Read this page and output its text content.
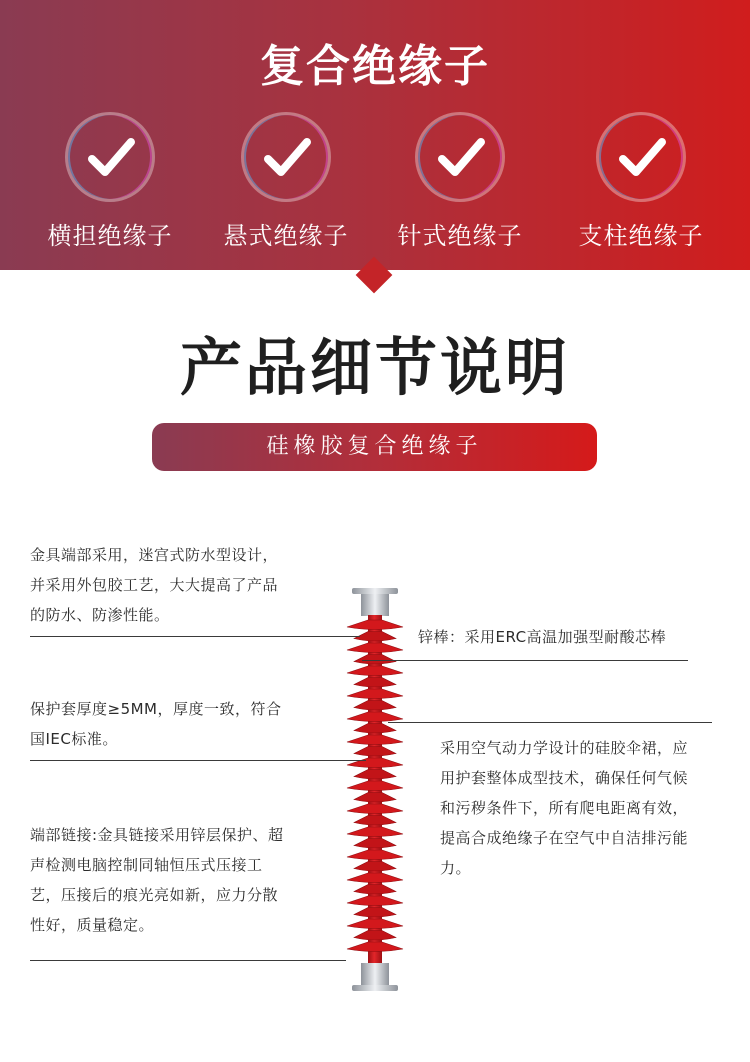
复合绝缘子
横担绝缘子	悬式绝缘子	针式绝缘子	支柱绝缘子
产品细节说明
硅橡胶复合绝缘子
金具端部采用，迷宫式防水型设计，
并采用外包胶工艺，大大提高了产品
的防水、防渗性能。
锌棒：采用ERC高温加强型耐酸芯棒
保护套厚度≥5MM，厚度一致，符合
国IEC标准。	采用空气动力学设计的硅胶伞裙，应
用护套整体成型技术，确保任何气候
和污秽条件下，所有爬电距离有效，
提高合成绝缘子在空气中自洁排污能
力。
端部链接:金具链接采用锌层保护、超
声检测电脑控制同轴恒压式压接工
艺，压接后的痕光亮如新，应力分散
性好，质量稳定。
